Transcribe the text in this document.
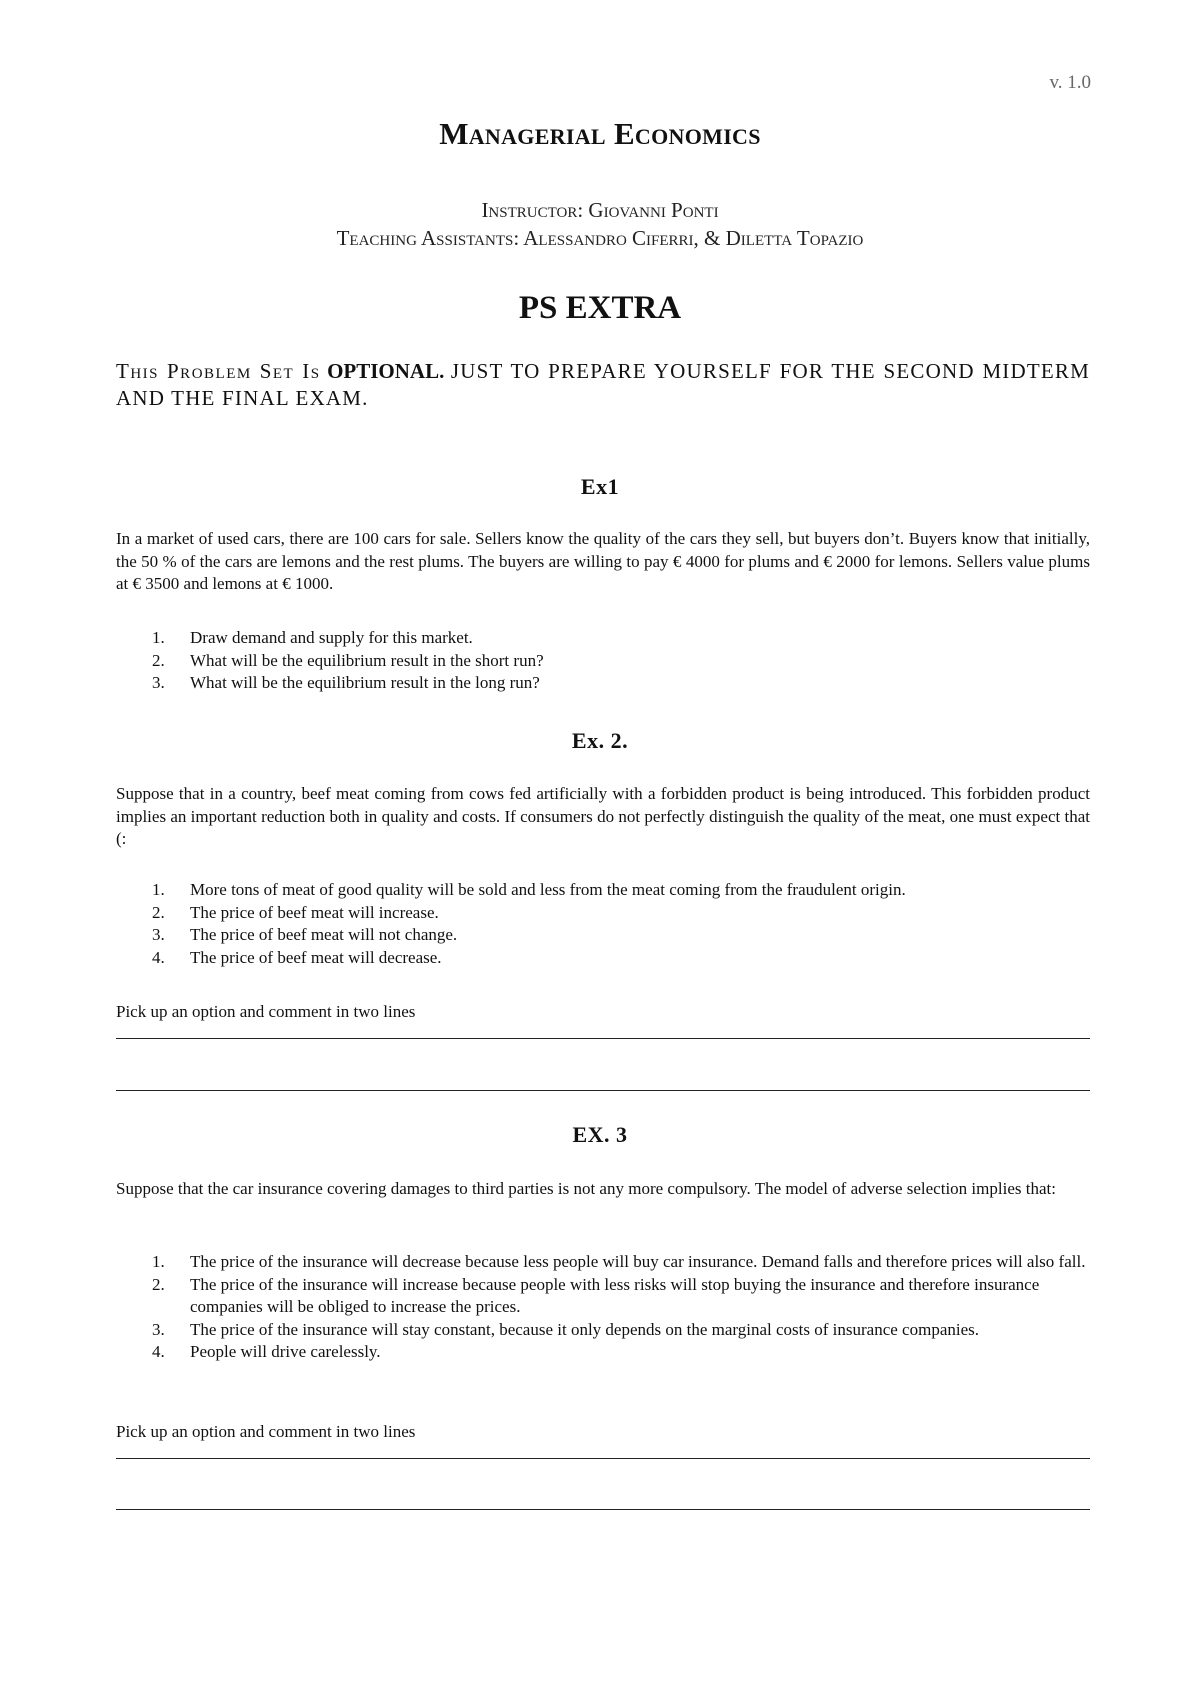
v. 1.0
Managerial Economics
Instructor: Giovanni Ponti
Teaching Assistants: Alessandro Ciferri, & Diletta Topazio
PS EXTRA
This Problem Set Is OPTIONAL. JUST TO PREPARE YOURSELF FOR THE SECOND MIDTERM AND THE FINAL EXAM.
Ex1
In a market of used cars, there are 100 cars for sale. Sellers know the quality of the cars they sell, but buyers don’t. Buyers know that initially, the 50 % of the cars are lemons and the rest plums. The buyers are willing to pay € 4000 for plums and € 2000 for lemons. Sellers value plums at € 3500 and lemons at € 1000.
1. Draw demand and supply for this market.
2. What will be the equilibrium result in the short run?
3. What will be the equilibrium result in the long run?
Ex. 2.
Suppose that in a country, beef meat coming from cows fed artificially with a forbidden product is being introduced. This forbidden product implies an important reduction both in quality and costs. If consumers do not perfectly distinguish the quality of the meat, one must expect that (:
1. More tons of meat of good quality will be sold and less from the meat coming from the fraudulent origin.
2. The price of beef meat will increase.
3. The price of beef meat will not change.
4. The price of beef meat will decrease.
Pick up an option and comment in two lines
EX. 3
Suppose that the car insurance covering damages to third parties is not any more compulsory. The model of adverse selection implies that:
1. The price of the insurance will decrease because less people will buy car insurance. Demand falls and therefore prices will also fall.
2. The price of the insurance will increase because people with less risks will stop buying the insurance and therefore insurance companies will be obliged to increase the prices.
3. The price of the insurance will stay constant, because it only depends on the marginal costs of insurance companies.
4. People will drive carelessly.
Pick up an option and comment in two lines
